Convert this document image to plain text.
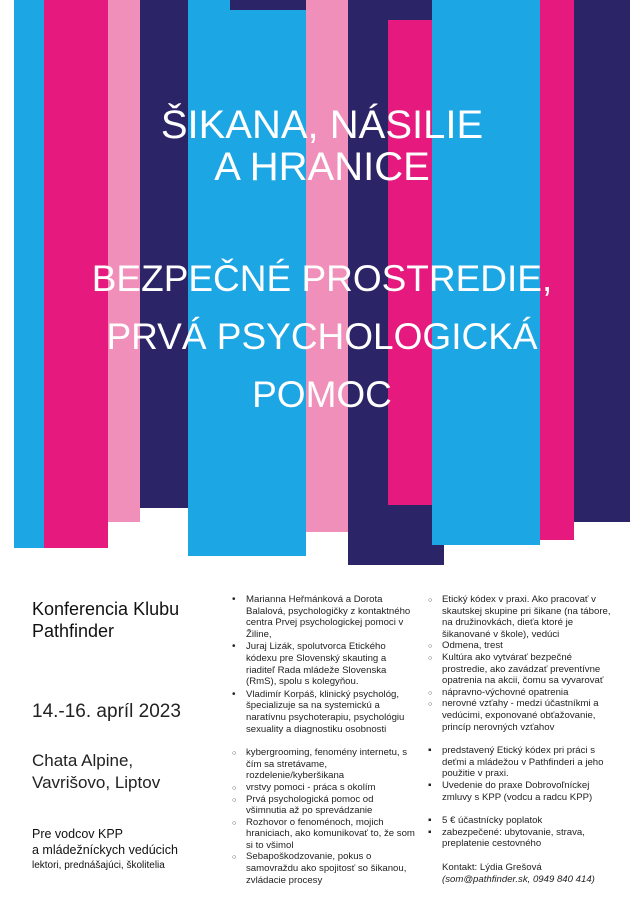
ŠIKANA, NÁSILIE
A HRANICE
BEZPEČNÉ PROSTREDIE,
PRVÁ PSYCHOLOGICKÁ
POMOC
Konferencia Klubu
Pathfinder
14.-16. apríl 2023
Chata Alpine,
Vavrišovo, Liptov
Pre vodcov KPP
a mládežníckych vedúcich
lektori, prednášajúci, školitelia
• Marianna Heřmánková a Dorota Balalová, psychologičky z kontaktného centra Prvej psychologickej pomoci v Žiline,
• Juraj Lizák, spolutvorca Etického kódexu pre Slovenský skauting a riaditeľ Rada mládeže Slovenska (RmS), spolu s kolegyňou.
• Vladimír Korpáš, klinický psychológ, špecializuje sa na systemickú a naratívnu psychoterapiu, psychológiu sexuality a diagnostiku osobnosti
○ kybergrooming, fenomény internetu, s čím sa stretávame, rozdelenie/kyberšikana
○ vrstvy pomoci - práca s okolím
○ Prvá psychologická pomoc od všimnutia až po sprevádzanie
○ Rozhovor o fenoménoch, mojich hraniciach, ako komunikovať to, že som si to všimol
○ Sebapoškodzovanie, pokus o samovraždu ako spojitosť so šikanou, zvládacie procesy
○ Etický kódex v praxi. Ako pracovať v skautskej skupine pri šikane (na tábore, na družinovkách, dieťa ktoré je šikanované v škole), vedúci
○ Odmena, trest
○ Kultúra ako vytvárať bezpečné prostredie, ako zavádzať preventívne opatrenia na akcii, čomu sa vyvarovať
○ nápravno-výchovné opatrenia
○ nerovné vzťahy - medzi účastníkmi a vedúcimi, exponované obťažovanie, princíp nerovných vzťahov
▪ predstavený Etický kódex pri práci s deťmi a mládežou v Pathfinderi a jeho použitie v praxi.
▪ Uvedenie do praxe Dobrovoľníckej zmluvy s KPP (vodcu a radcu KPP)
▪ 5 € účastnícky poplatok
▪ zabezpečené: ubytovanie, strava, preplatenie cestovného
Kontakt: Lýdia Grešová
(som@pathfinder.sk, 0949 840 414)
